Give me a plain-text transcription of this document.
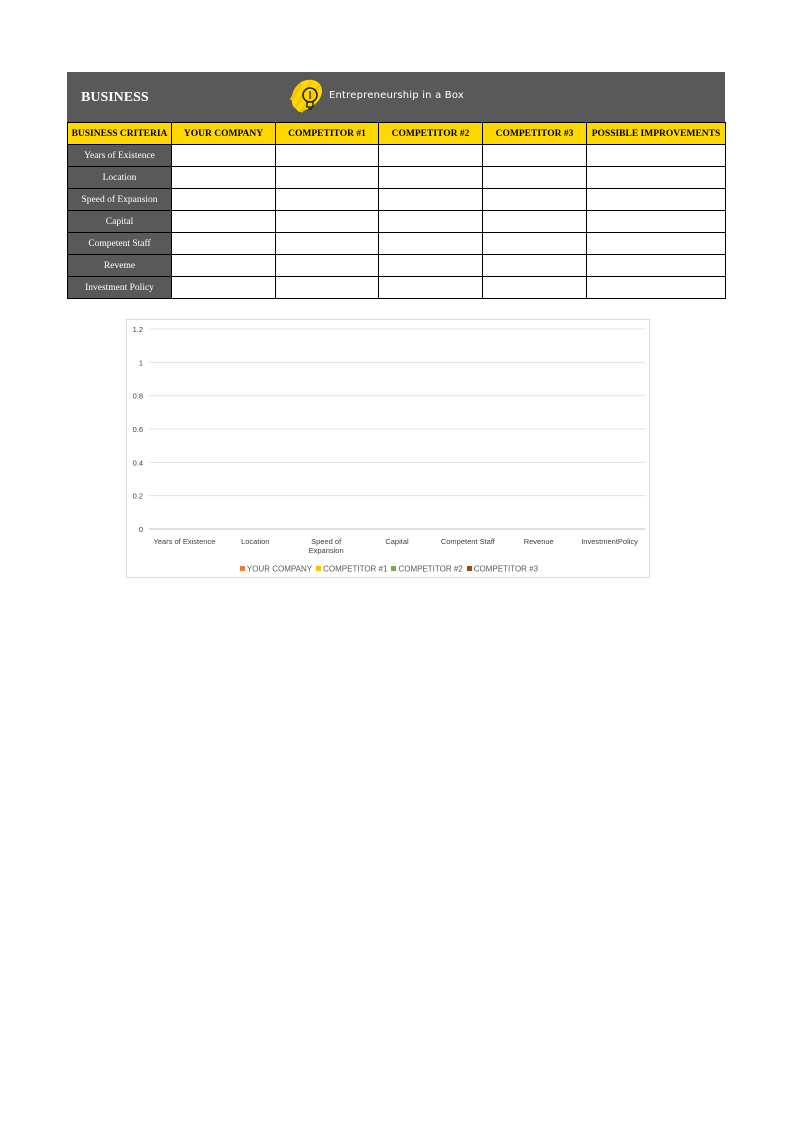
BUSINESS	Entrepreneurship in a Box
BUSINESS CRITERIA	YOUR COMPANY	COMPETITOR #1	COMPETITOR #2	COMPETITOR #3	POSSIBLE IMPROVEMENTS
Years of Existence					
Location					
Speed of Expansion					
Capital					
Competent Staff					
Reveme					
Investment Policy					
0
0.2
0.4
0.6
0.8
1
1.2
Years of Existence	Location	Speed of
Expansion
Capital	Competent Staff	Revenue	InvestmentPolicy
YOUR COMPANY COMPETITOR #1 COMPETITOR #2 COMPETITOR #3
